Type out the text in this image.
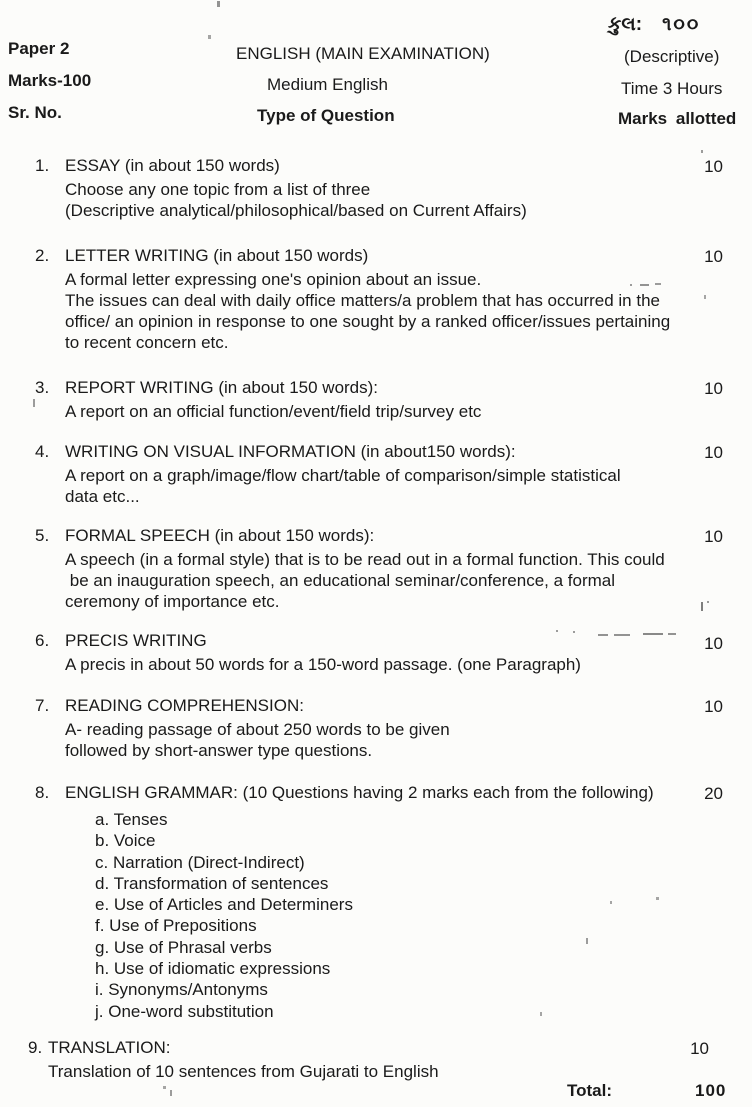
કુલ: ૧૦૦
Paper 2	ENGLISH (MAIN EXAMINATION)	(Descriptive)
Marks-100	Medium English	Time 3 Hours
Sr. No.	Type of Question	Marks allotted
1. ESSAY (in about 150 words)
Choose any one topic from a list of three
(Descriptive analytical/philosophical/based on Current Affairs)
10
2. LETTER WRITING (in about 150 words)
A formal letter expressing one's opinion about an issue.
The issues can deal with daily office matters/a problem that has occurred in the
office/ an opinion in response to one sought by a ranked officer/issues pertaining
to recent concern etc.
10
3. REPORT WRITING (in about 150 words):
A report on an official function/event/field trip/survey etc
10
4. WRITING ON VISUAL INFORMATION (in about150 words):
A report on a graph/image/flow chart/table of comparison/simple statistical
data etc...
10
5. FORMAL SPEECH (in about 150 words):
A speech (in a formal style) that is to be read out in a formal function. This could
be an inauguration speech, an educational seminar/conference, a formal
ceremony of importance etc.
10
6. PRECIS WRITING
A precis in about 50 words for a 150-word passage. (one Paragraph)
10
7. READING COMPREHENSION:
A- reading passage of about 250 words to be given
followed by short-answer type questions.
10
8. ENGLISH GRAMMAR: (10 Questions having 2 marks each from the following)
a. Tenses
b. Voice
c. Narration (Direct-Indirect)
d. Transformation of sentences
e. Use of Articles and Determiners
f. Use of Prepositions
g. Use of Phrasal verbs
h. Use of idiomatic expressions
i. Synonyms/Antonyms
j. One-word substitution
20
9. TRANSLATION:
Translation of 10 sentences from Gujarati to English
10
Total:	100
